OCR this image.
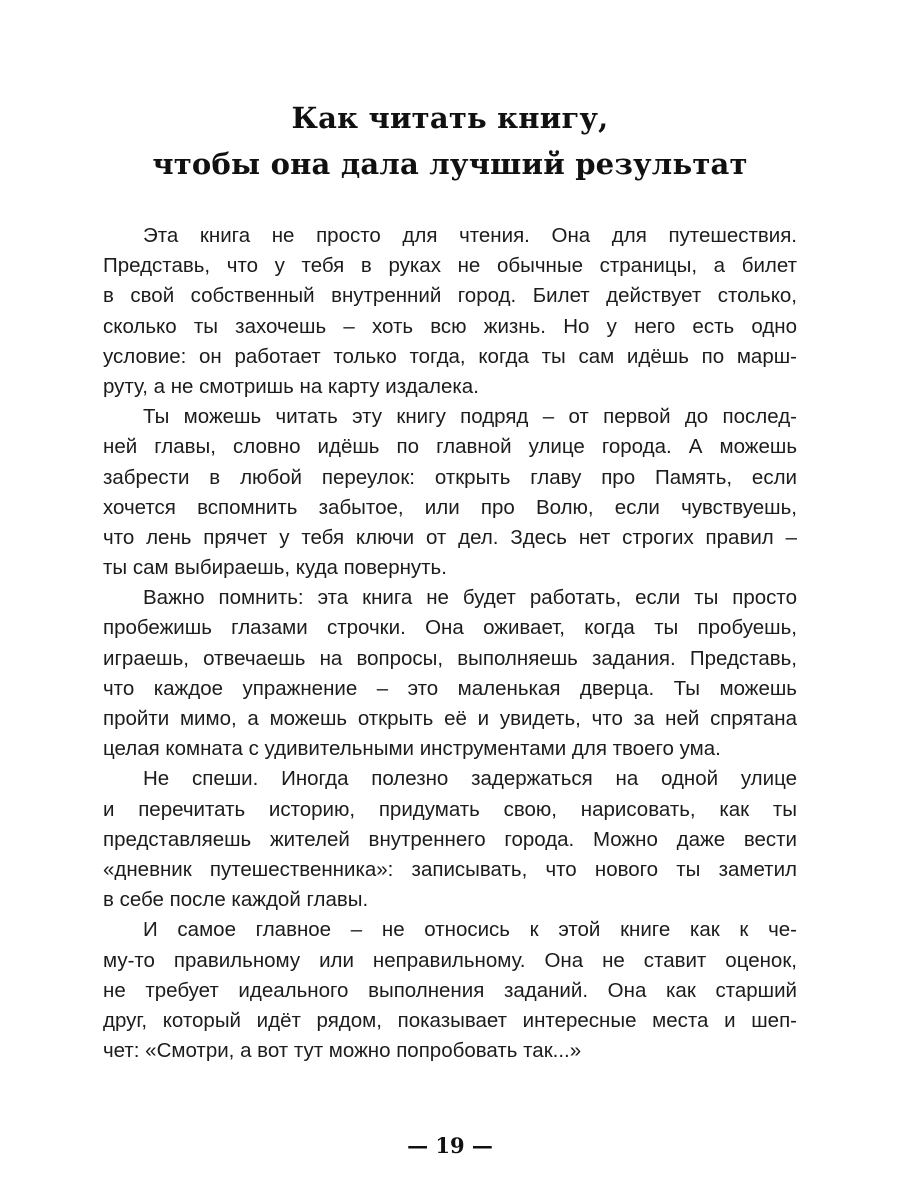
Как читать книгу,
чтобы она дала лучший результат
Эта книга не просто для чтения. Она для путешествия.
Представь, что у тебя в руках не обычные страницы, а билет
в свой собственный внутренний город. Билет действует столько,
сколько ты захочешь – хоть всю жизнь. Но у него есть одно
условие: он работает только тогда, когда ты сам идёшь по марш-
руту, а не смотришь на карту издалека.
Ты можешь читать эту книгу подряд – от первой до послед-
ней главы, словно идёшь по главной улице города. А можешь
забрести в любой переулок: открыть главу про Память, если
хочется вспомнить забытое, или про Волю, если чувствуешь,
что лень прячет у тебя ключи от дел. Здесь нет строгих правил –
ты сам выбираешь, куда повернуть.
Важно помнить: эта книга не будет работать, если ты просто
пробежишь глазами строчки. Она оживает, когда ты пробуешь,
играешь, отвечаешь на вопросы, выполняешь задания. Представь,
что каждое упражнение – это маленькая дверца. Ты можешь
пройти мимо, а можешь открыть её и увидеть, что за ней спрятана
целая комната с удивительными инструментами для твоего ума.
Не спеши. Иногда полезно задержаться на одной улице
и перечитать историю, придумать свою, нарисовать, как ты
представляешь жителей внутреннего города. Можно даже вести
«дневник путешественника»: записывать, что нового ты заметил
в себе после каждой главы.
И самое главное – не относись к этой книге как к че-
му-то правильному или неправильному. Она не ставит оценок,
не требует идеального выполнения заданий. Она как старший
друг, который идёт рядом, показывает интересные места и шеп-
чет: «Смотри, а вот тут можно попробовать так...»
— 19 —
